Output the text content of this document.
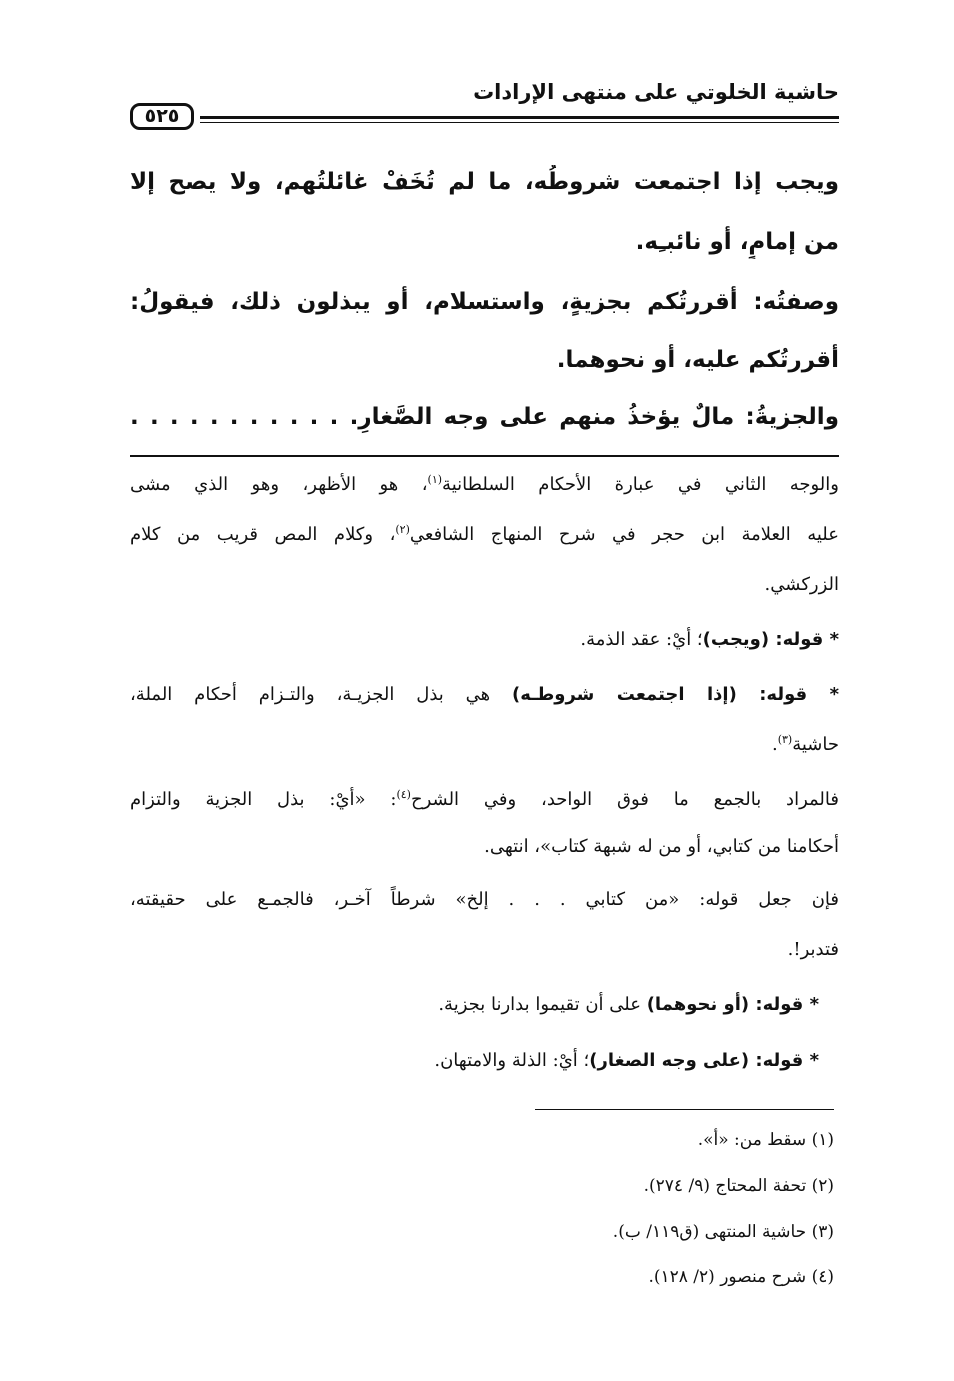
حاشية الخلوتي على منتهى الإرادات
٥٢٥
ويجب إذا اجتمعت شروطُه، ما لم تُخَفْ غائلتُهم، ولا يصح إلا
من إمامٍ، أو نائبـِه.
وصفتُه: أقررتُكم بجزيةٍ، واستسلام، أو يبذلون ذلك، فيقولُ:
أقررتُكم عليه، أو نحوهما.
والجزيةُ: مالٌ يؤخذُ منهم على وجه الصَّغارِ. . . . . . . . . . . .
والوجه الثاني في عبارة الأحكام السلطانية$^{(١)}$، هو الأظهر، وهو الذي مشى
عليه العلامة ابن حجر في شرح المنهاج الشافعي$^{(٢)}$، وكلام المص قريب من كلام
الزركشي.
* قوله: (ويجب)؛ أيْ: عقد الذمة.
* قوله: (إذا اجتمعت شروطـه) هي بذل الجزيـة، والتـزام أحكام الملة،
حاشية$^{(٣)}$.
فالمراد بالجمع ما فوق الواحد، وفي الشرح$^{(٤)}$: «أيْ: بذل الجزية والتزام
أحكامنا من كتابي، أو من له شبهة كتاب»، انتهى.
فإن جعل قوله: «من كتابي . . . إلخ» شرطاً آخـر، فالجمـع على حقيقته،
فتدبر!.
* قوله: (أو نحوهما) على أن تقيموا بدارنا بجزية.
* قوله: (على وجه الصغار)؛ أيْ: الذلة والامتهان.
(١) سقط من: «أ».
(٢) تحفة المحتاج (٩/ ٢٧٤).
(٣) حاشية المنتهى (ق١١٩/ ب).
(٤) شرح منصور (٢/ ١٢٨).
